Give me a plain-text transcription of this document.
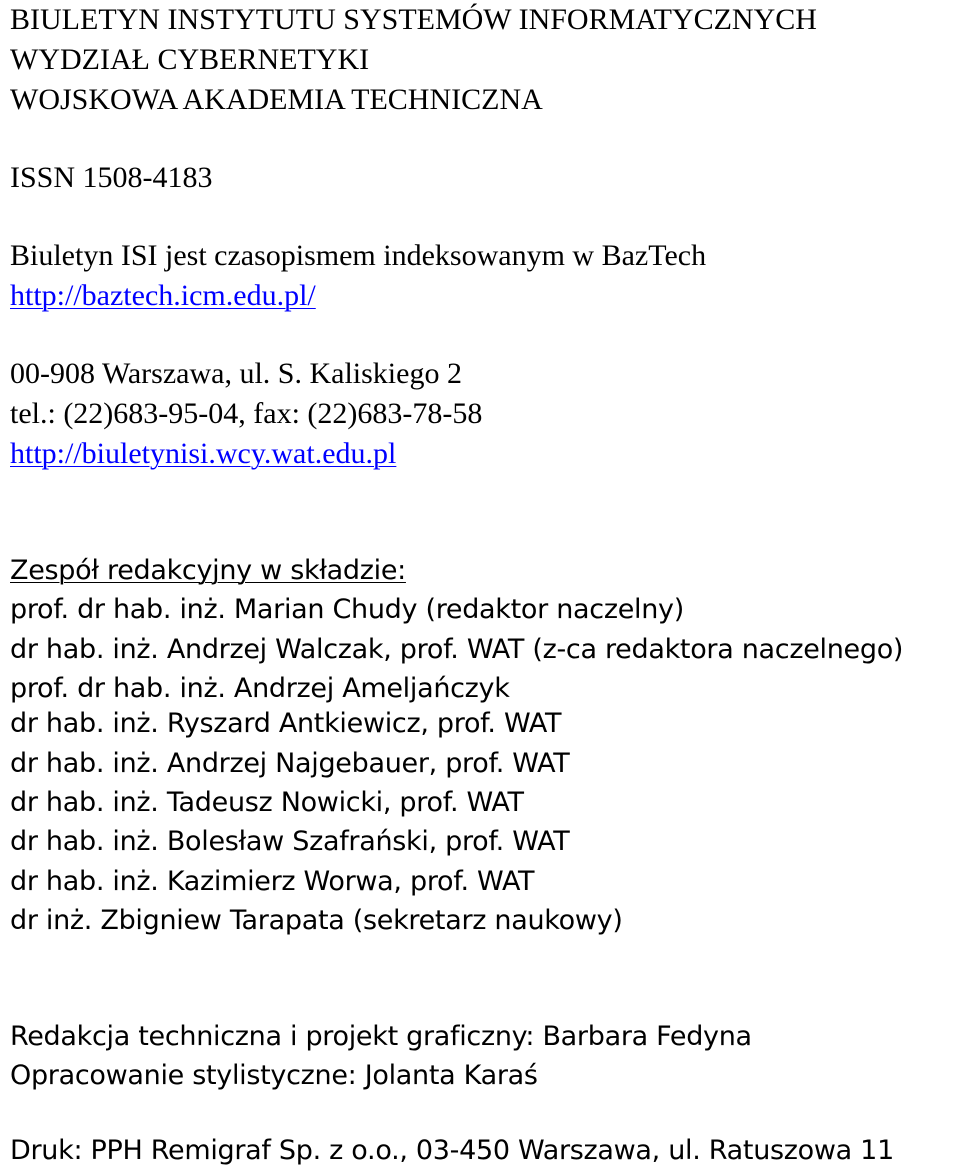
BIULETYN INSTYTUTU SYSTEMÓW INFORMATYCZNYCH

WYDZIAŁ CYBERNETYKI

WOJSKOWA AKADEMIA TECHNICZNA

ISSN 1508-4183

Biuletyn ISI jest czasopismem indeksowanym w BazTech

http://baztech.icm.edu.pl/

00-908 Warszawa, ul. S. Kaliskiego 2

tel.: (22)683-95-04, fax: (22)683-78-58

http://biuletynisi.wcy.wat.edu.pl

Zespół redakcyjny w składzie:

prof. dr hab. inż. Marian Chudy (redaktor naczelny)

dr hab. inż. Andrzej Walczak, prof. WAT (z-ca redaktora naczelnego)

prof. dr hab. inż. Andrzej Ameljańczyk

dr hab. inż. Ryszard Antkiewicz, prof. WAT

dr hab. inż. Andrzej Najgebauer, prof. WAT

dr hab. inż. Tadeusz Nowicki, prof. WAT

dr hab. inż. Bolesław Szafrański, prof. WAT

dr hab. inż. Kazimierz Worwa, prof. WAT

dr inż. Zbigniew Tarapata (sekretarz naukowy)

Redakcja techniczna i projekt graficzny: Barbara Fedyna

Opracowanie stylistyczne: Jolanta Karaś

Druk: PPH Remigraf Sp. z o.o., 03-450 Warszawa, ul. Ratuszowa 11
